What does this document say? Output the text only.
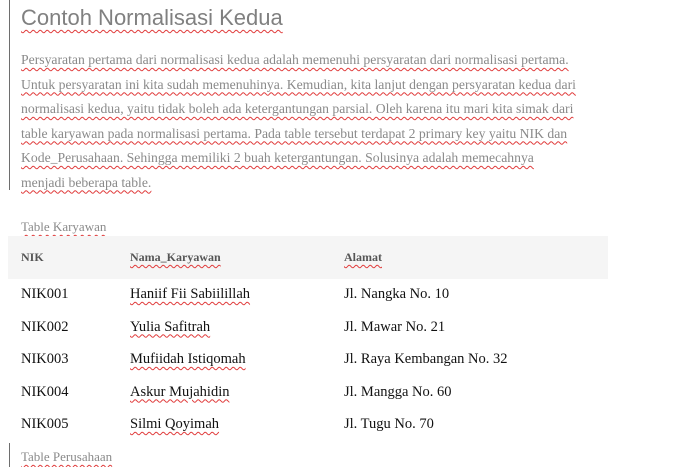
Contoh Normalisasi Kedua
Persyaratan pertama dari normalisasi kedua adalah memenuhi persyaratan dari normalisasi pertama.
Untuk persyaratan ini kita sudah memenuhinya. Kemudian, kita lanjut dengan persyaratan kedua dari
normalisasi kedua, yaitu tidak boleh ada ketergantungan parsial. Oleh karena itu mari kita simak dari
table karyawan pada normalisasi pertama. Pada table tersebut terdapat 2 primary key yaitu NIK dan
Kode_Perusahaan. Sehingga memiliki 2 buah ketergantungan. Solusinya adalah memecahnya
menjadi beberapa table.
Table Karyawan
NIK	Nama_Karyawan	Alamat
NIK001	Haniif Fii Sabiilillah	Jl. Nangka No. 10
NIK002	Yulia Safitrah	Jl. Mawar No. 21
NIK003	Mufiidah Istiqomah	Jl. Raya Kembangan No. 32
NIK004	Askur Mujahidin	Jl. Mangga No. 60
NIK005	Silmi Qoyimah	Jl. Tugu No. 70
Table Perusahaan
